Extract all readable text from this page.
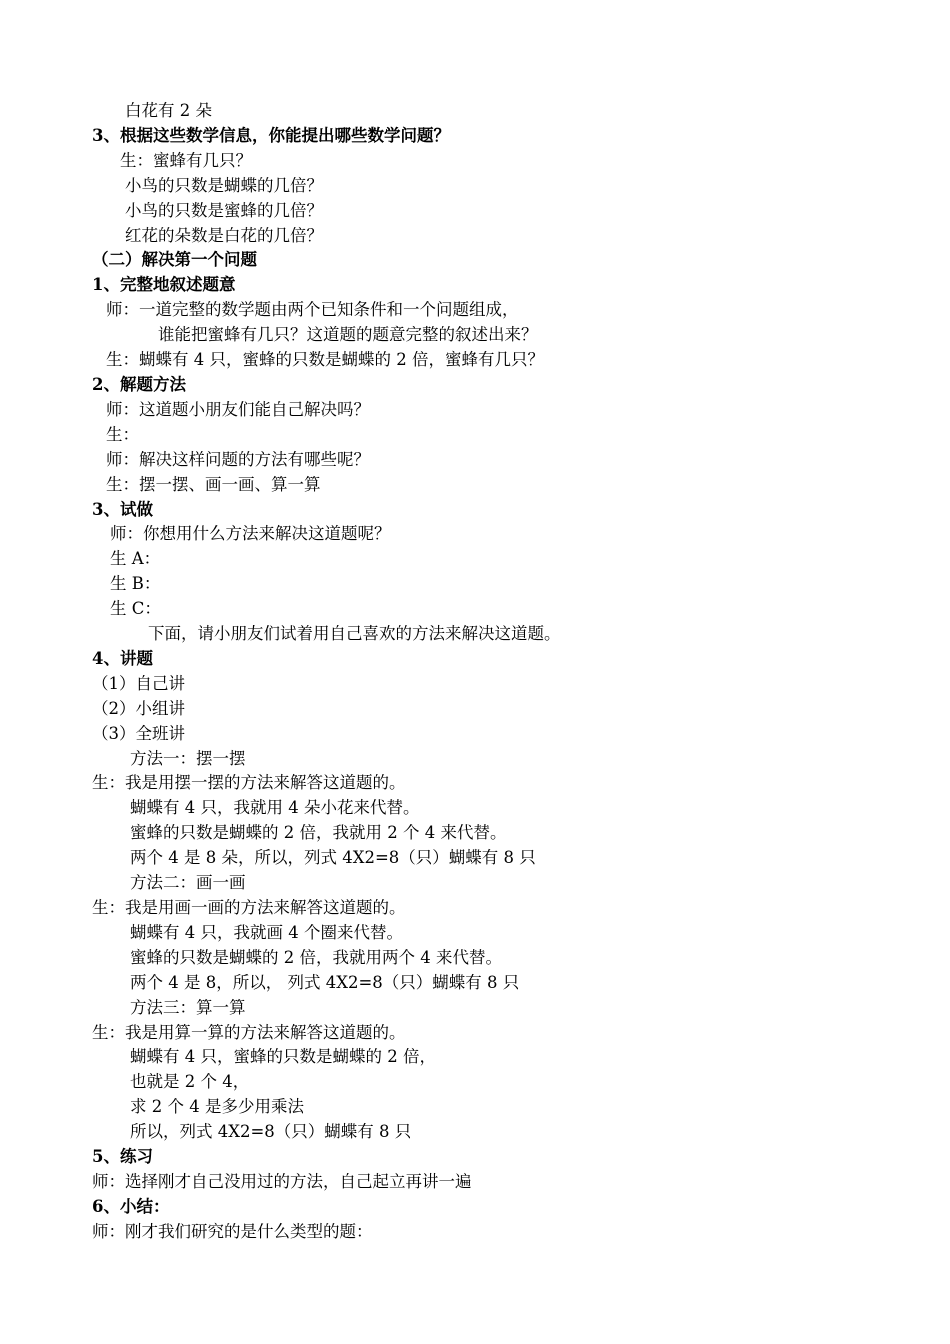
白花有 2 朵
3、根据这些数学信息，你能提出哪些数学问题？
生：蜜蜂有几只？
小鸟的只数是蝴蝶的几倍？
小鸟的只数是蜜蜂的几倍？
红花的朵数是白花的几倍？
（二）解决第一个问题
1、完整地叙述题意
师：一道完整的数学题由两个已知条件和一个问题组成，
谁能把蜜蜂有几只？这道题的题意完整的叙述出来？
生：蝴蝶有 4 只，蜜蜂的只数是蝴蝶的 2 倍，蜜蜂有几只？
2、解题方法
师：这道题小朋友们能自己解决吗？
生：
师：解决这样问题的方法有哪些呢？
生：摆一摆、画一画、算一算
3、试做
师：你想用什么方法来解决这道题呢？
生 A：
生 B：
生 C：
下面，请小朋友们试着用自己喜欢的方法来解决这道题。
4、讲题
（1）自己讲
（2）小组讲
（3）全班讲
方法一：摆一摆
生：我是用摆一摆的方法来解答这道题的。
蝴蝶有 4 只，我就用 4 朵小花来代替。
蜜蜂的只数是蝴蝶的 2 倍，我就用 2 个 4 来代替。
两个 4 是 8 朵，所以，列式 4X2=8（只）蝴蝶有 8 只
方法二：画一画
生：我是用画一画的方法来解答这道题的。
蝴蝶有 4 只，我就画 4 个圈来代替。
蜜蜂的只数是蝴蝶的 2 倍，我就用两个 4 来代替。
两个 4 是 8，所以， 列式 4X2=8（只）蝴蝶有 8 只
方法三：算一算
生：我是用算一算的方法来解答这道题的。
蝴蝶有 4 只，蜜蜂的只数是蝴蝶的 2 倍，
也就是 2 个 4，
求 2 个 4 是多少用乘法
所以，列式 4X2=8（只）蝴蝶有 8 只
5、练习
师：选择刚才自己没用过的方法，自己起立再讲一遍
6、小结：
师：刚才我们研究的是什么类型的题：
